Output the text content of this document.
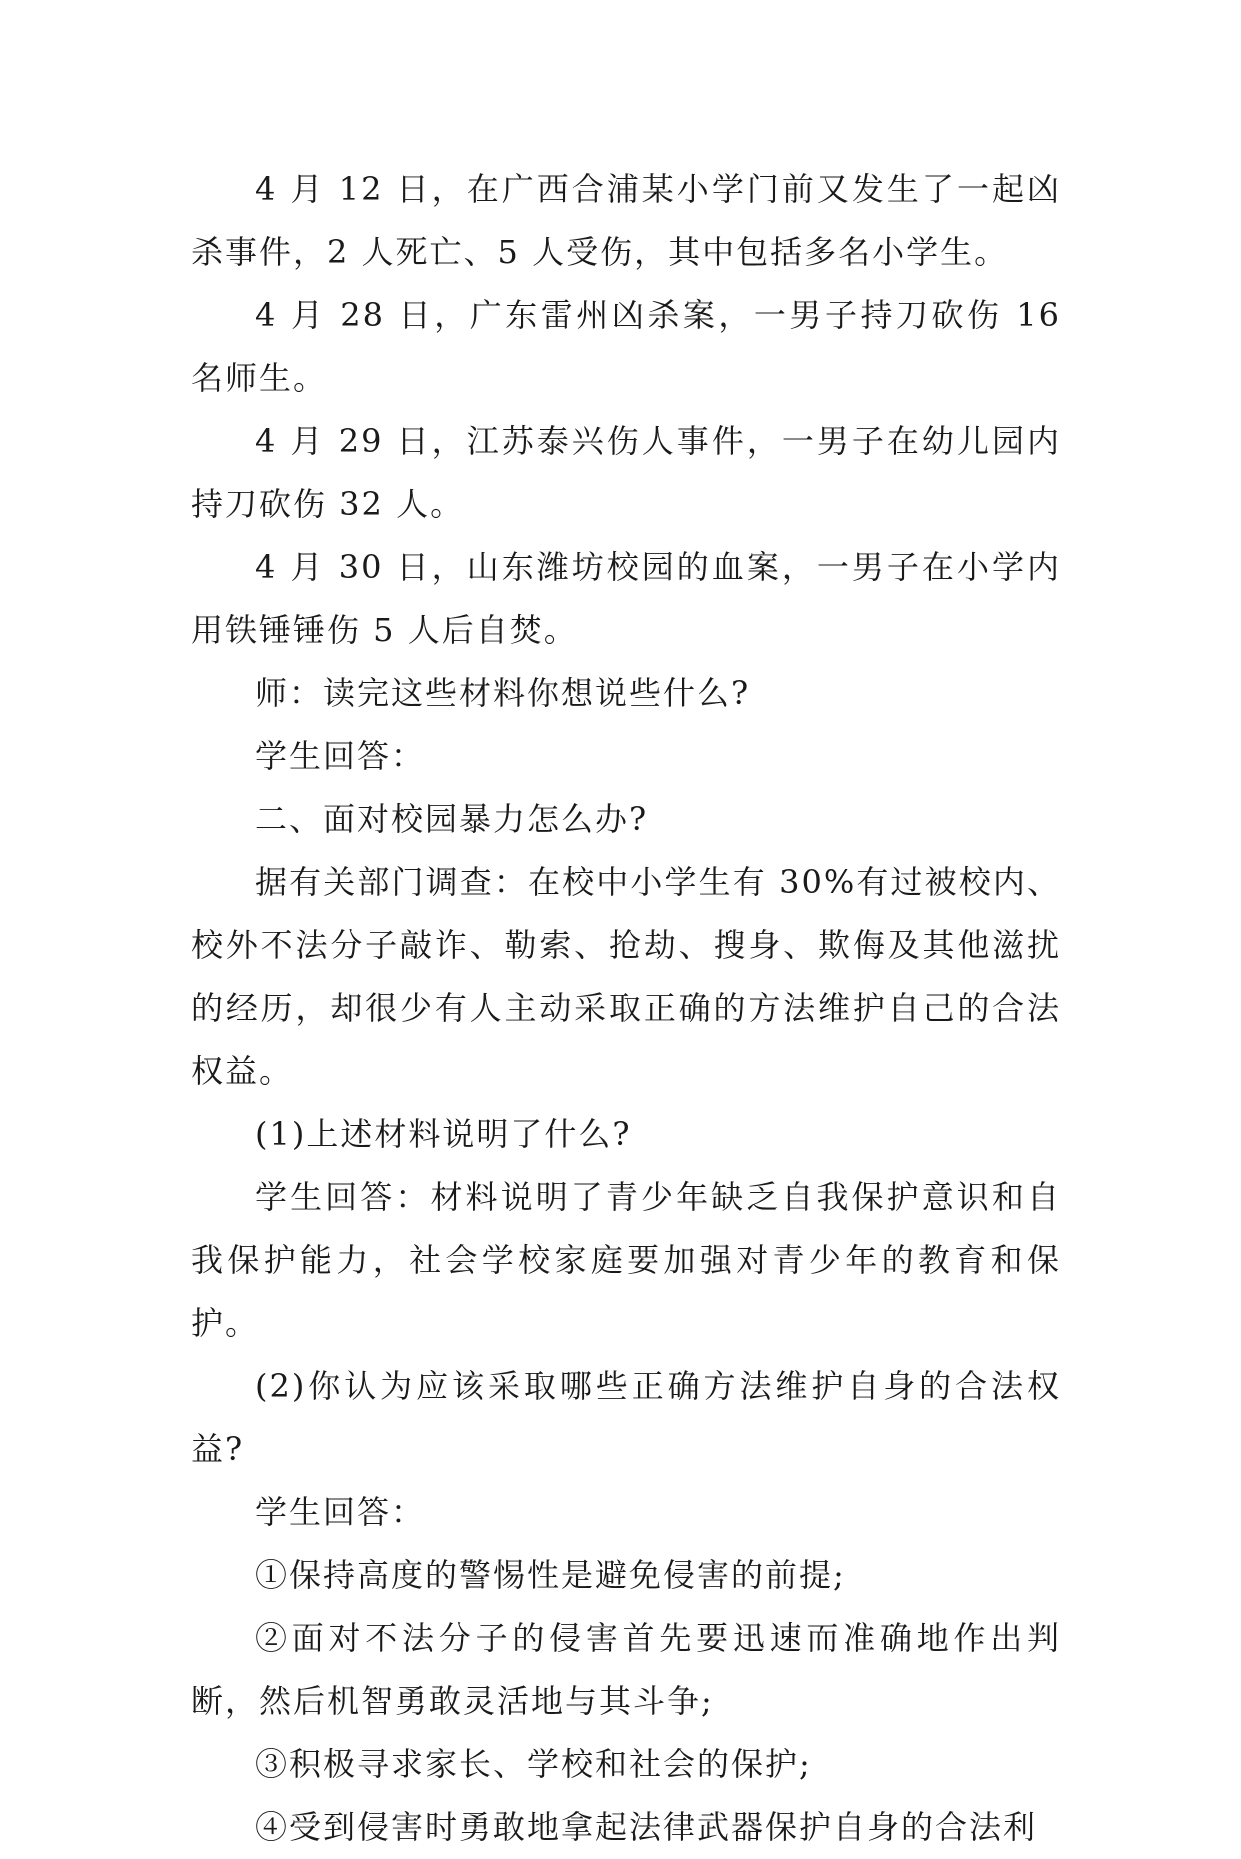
4 月 12 日，在广西合浦某小学门前又发生了一起凶杀事件，2 人死亡、5 人受伤，其中包括多名小学生。

4 月 28 日，广东雷州凶杀案，一男子持刀砍伤 16 名师生。

4 月 29 日，江苏泰兴伤人事件，一男子在幼儿园内持刀砍伤 32 人。

4 月 30 日，山东潍坊校园的血案，一男子在小学内用铁锤锤伤 5 人后自焚。

师：读完这些材料你想说些什么?

学生回答：

二、面对校园暴力怎么办?

据有关部门调查：在校中小学生有 30%有过被校内、校外不法分子敲诈、勒索、抢劫、搜身、欺侮及其他滋扰的经历，却很少有人主动采取正确的方法维护自己的合法权益。

(1)上述材料说明了什么?

学生回答：材料说明了青少年缺乏自我保护意识和自我保护能力，社会学校家庭要加强对青少年的教育和保护。

(2)你认为应该采取哪些正确方法维护自身的合法权益?

学生回答：

①保持高度的警惕性是避免侵害的前提;

②面对不法分子的侵害首先要迅速而准确地作出判断，然后机智勇敢灵活地与其斗争;

③积极寻求家长、学校和社会的保护;

④受到侵害时勇敢地拿起法律武器保护自身的合法利
